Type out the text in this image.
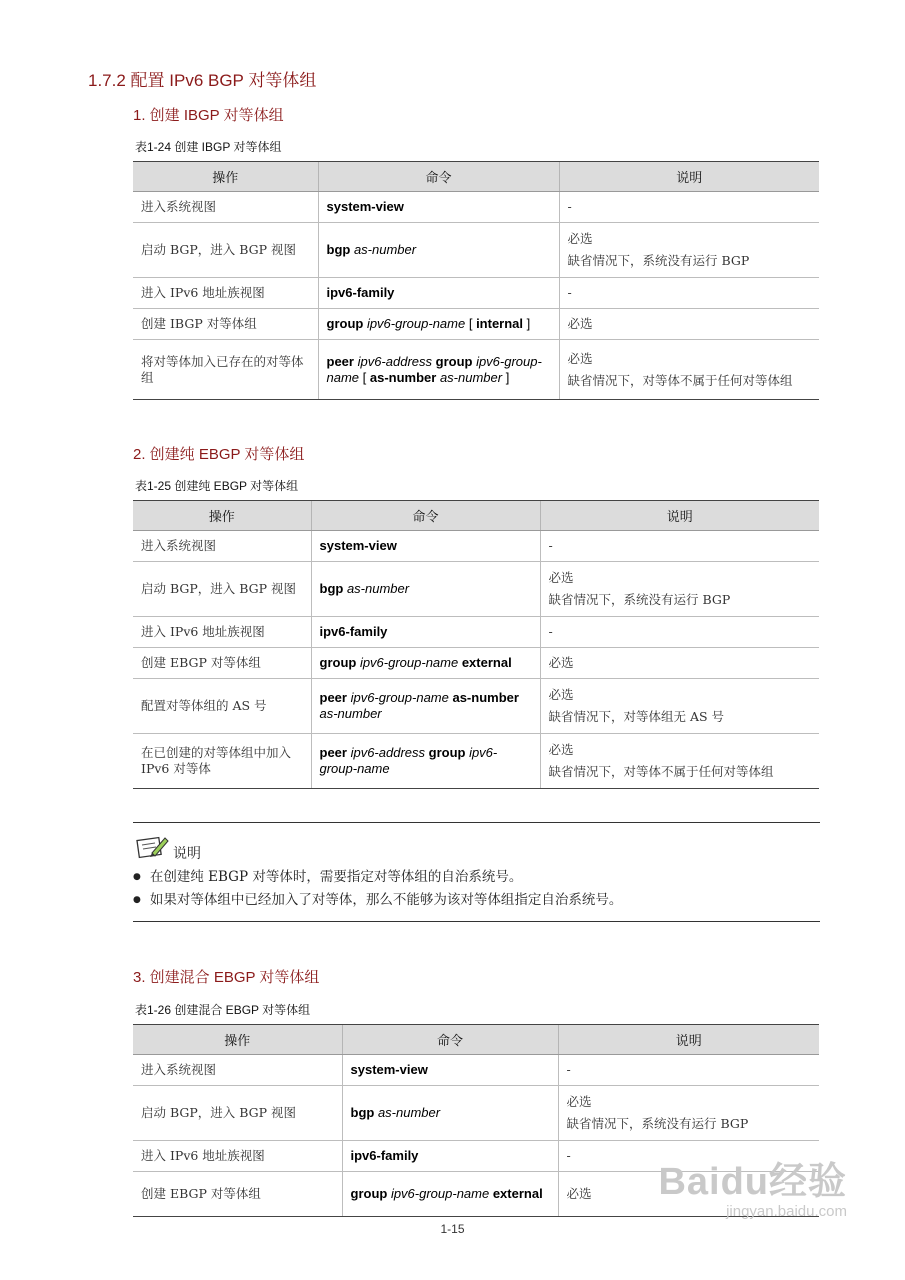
1.7.2 配置 IPv6 BGP 对等体组
1. 创建 IBGP 对等体组
表1-24 创建 IBGP 对等体组
操作	命令	说明
进入系统视图	system-view	-

启动 BGP，进入 BGP 视图	bgp as-number	必选
缺省情况下，系统没有运行 BGP

进入 IPv6 地址族视图	ipv6-family	-

创建 IBGP 对等体组	group ipv6-group-name [ internal ]	必选

将对等体加入已存在的对等体组	peer ipv6-address group ipv6-group-name [ as-number as-number ]	必选
缺省情况下，对等体不属于任何对等体组
2. 创建纯 EBGP 对等体组
表1-25 创建纯 EBGP 对等体组
操作	命令	说明
进入系统视图	system-view	-

启动 BGP，进入 BGP 视图	bgp as-number	必选
缺省情况下，系统没有运行 BGP

进入 IPv6 地址族视图	ipv6-family	-

创建 EBGP 对等体组	group ipv6-group-name external	必选

配置对等体组的 AS 号	peer ipv6-group-name as-number as-number	必选
缺省情况下，对等体组无 AS 号

在已创建的对等体组中加入 IPv6 对等体	peer ipv6-address group ipv6-group-name	必选
缺省情况下，对等体不属于任何对等体组
说明
● 在创建纯 EBGP 对等体时，需要指定对等体组的自治系统号。
● 如果对等体组中已经加入了对等体，那么不能够为该对等体组指定自治系统号。
3. 创建混合 EBGP 对等体组
表1-26 创建混合 EBGP 对等体组
操作	命令	说明
进入系统视图	system-view	-

启动 BGP，进入 BGP 视图	bgp as-number	必选
缺省情况下，系统没有运行 BGP

进入 IPv6 地址族视图	ipv6-family	-

创建 EBGP 对等体组	group ipv6-group-name external	必选
1-15
Baidu经验
jingyan.baidu.com
